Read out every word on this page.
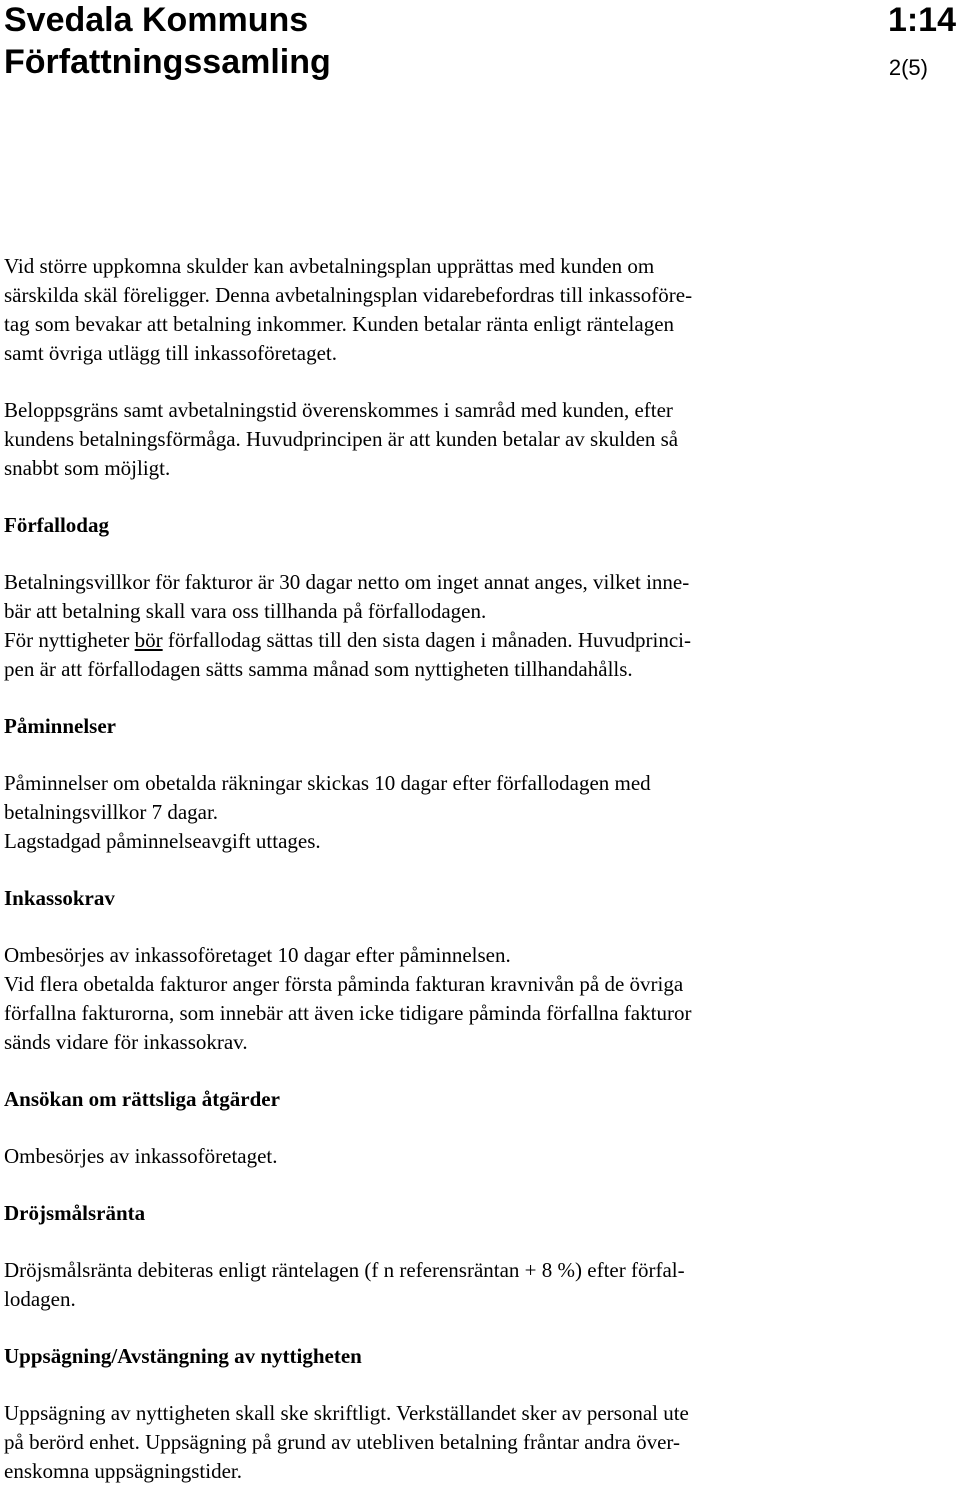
Svedala Kommuns
Författningssamling
1:14
2(5)

Vid större uppkomna skulder kan avbetalningsplan upprättas med kunden om

särskilda skäl föreligger. Denna avbetalningsplan vidarebefordras till inkassoföre-

tag som bevakar att betalning inkommer. Kunden betalar ränta enligt räntelagen

samt övriga utlägg till inkassoföretaget.

Beloppsgräns samt avbetalningstid överenskommes i samråd med kunden, efter

kundens betalningsförmåga. Huvudprincipen är att kunden betalar av skulden så

snabbt som möjligt.

Förfallodag

Betalningsvillkor för fakturor är 30 dagar netto om inget annat anges, vilket inne-

bär att betalning skall vara oss tillhanda på förfallodagen.

För nyttigheter bör förfallodag sättas till den sista dagen i månaden. Huvudprinci-

pen är att förfallodagen sätts samma månad som nyttigheten tillhandahålls.

Påminnelser

Påminnelser om obetalda räkningar skickas 10 dagar efter förfallodagen med

betalningsvillkor 7 dagar.

Lagstadgad påminnelseavgift uttages.

Inkassokrav

Ombesörjes av inkassoföretaget 10 dagar efter påminnelsen.

Vid flera obetalda fakturor anger första påminda fakturan kravnivån på de övriga

förfallna fakturorna, som innebär att även icke tidigare påminda förfallna fakturor

sänds vidare för inkassokrav.

Ansökan om rättsliga åtgärder

Ombesörjes av inkassoföretaget.

Dröjsmålsränta

Dröjsmålsränta debiteras enligt räntelagen (f n referensräntan + 8 %) efter förfal-

lodagen.

Uppsägning/Avstängning av nyttigheten

Uppsägning av nyttigheten skall ske skriftligt. Verkställandet sker av personal ute

på berörd enhet. Uppsägning på grund av utebliven betalning fråntar andra över-

enskomna uppsägningstider.
